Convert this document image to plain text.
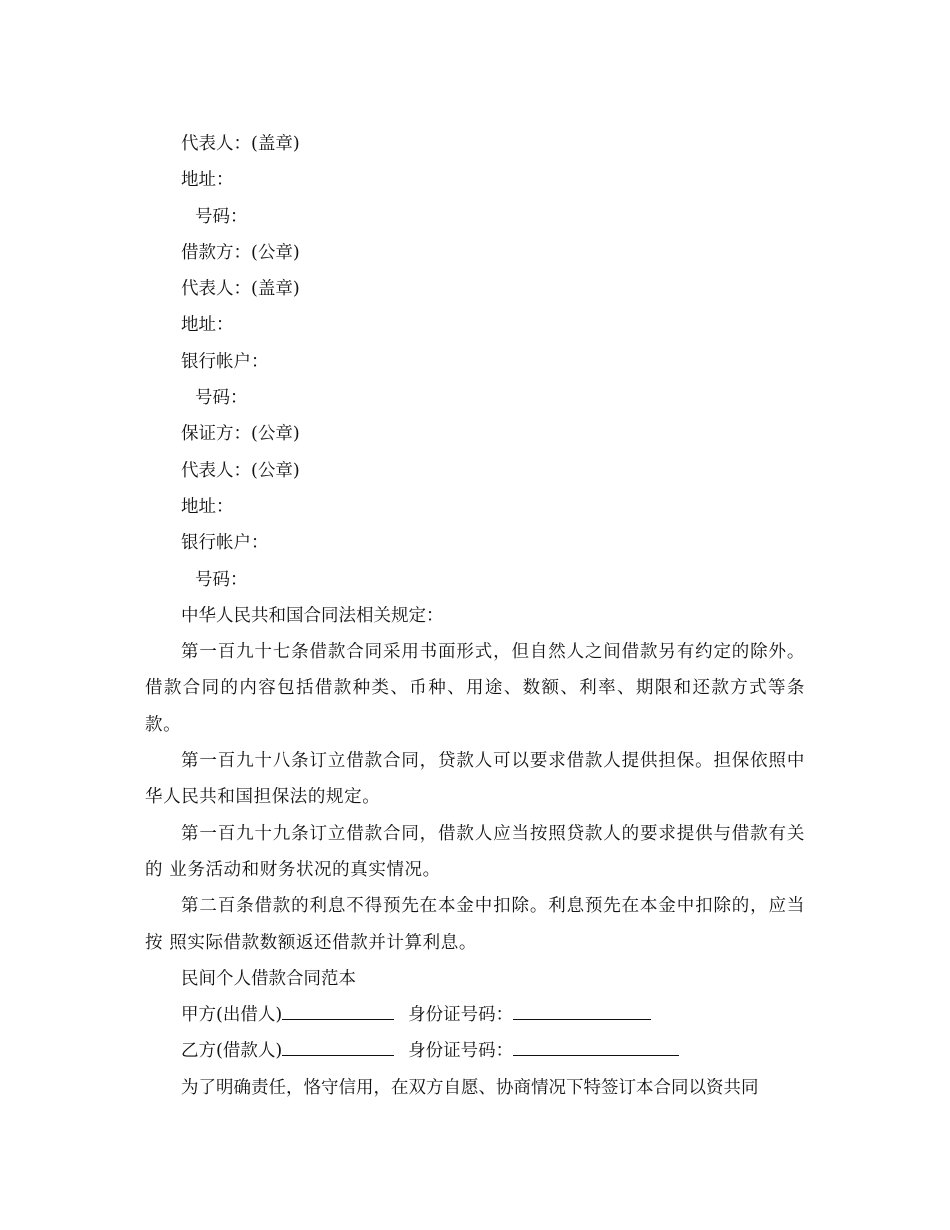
代表人：(盖章)
地址：
号码：
借款方：(公章)
代表人：(盖章)
地址：
银行帐户：
号码：
保证方：(公章)
代表人：(公章)
地址：
银行帐户：
号码：
中华人民共和国合同法相关规定：
第一百九十七条借款合同采用书面形式，但自然人之间借款另有约定的除外。 借款合同的内容包括借款种类、币种、用途、数额、利率、期限和还款方式等条 款。
第一百九十八条订立借款合同，贷款人可以要求借款人提供担保。担保依照中 华人民共和国担保法的规定。
第一百九十九条订立借款合同，借款人应当按照贷款人的要求提供与借款有关的 业务活动和财务状况的真实情况。
第二百条借款的利息不得预先在本金中扣除。利息预先在本金中扣除的，应当按 照实际借款数额返还借款并计算利息。
民间个人借款合同范本
甲方(出借人)	身份证号码：
乙方(借款人)	身份证号码：
为了明确责任，恪守信用，在双方自愿、协商情况下特签订本合同以资共同
